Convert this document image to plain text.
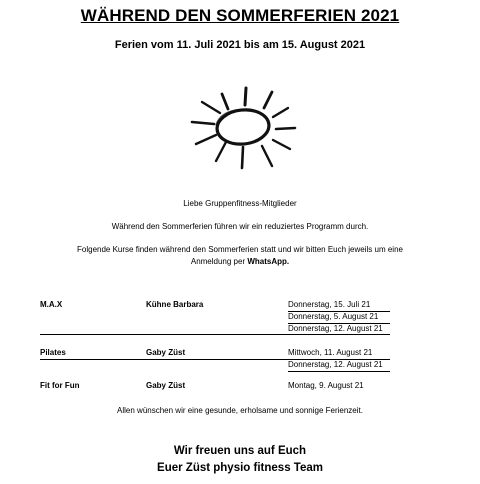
WÄHREND DEN SOMMERFERIEN 2021
Ferien vom 11. Juli 2021 bis am 15. August 2021
Liebe Gruppenfitness-Mitglieder
Während den Sommerferien führen wir ein reduziertes Programm durch.
Folgende Kurse finden während den Sommerferien statt und wir bitten Euch jeweils um eine
Anmeldung per WhatsApp.
M.A.X	Kühne Barbara	Donnerstag, 15. Juli 21
Donnerstag, 5. August 21
Donnerstag, 12. August 21
Pilates	Gaby Züst	Mittwoch, 11. August 21
Donnerstag, 12. August 21
Fit for Fun	Gaby Züst	Montag, 9. August 21
Allen wünschen wir eine gesunde, erholsame und sonnige Ferienzeit.
Wir freuen uns auf Euch
Euer Züst physio fitness Team
